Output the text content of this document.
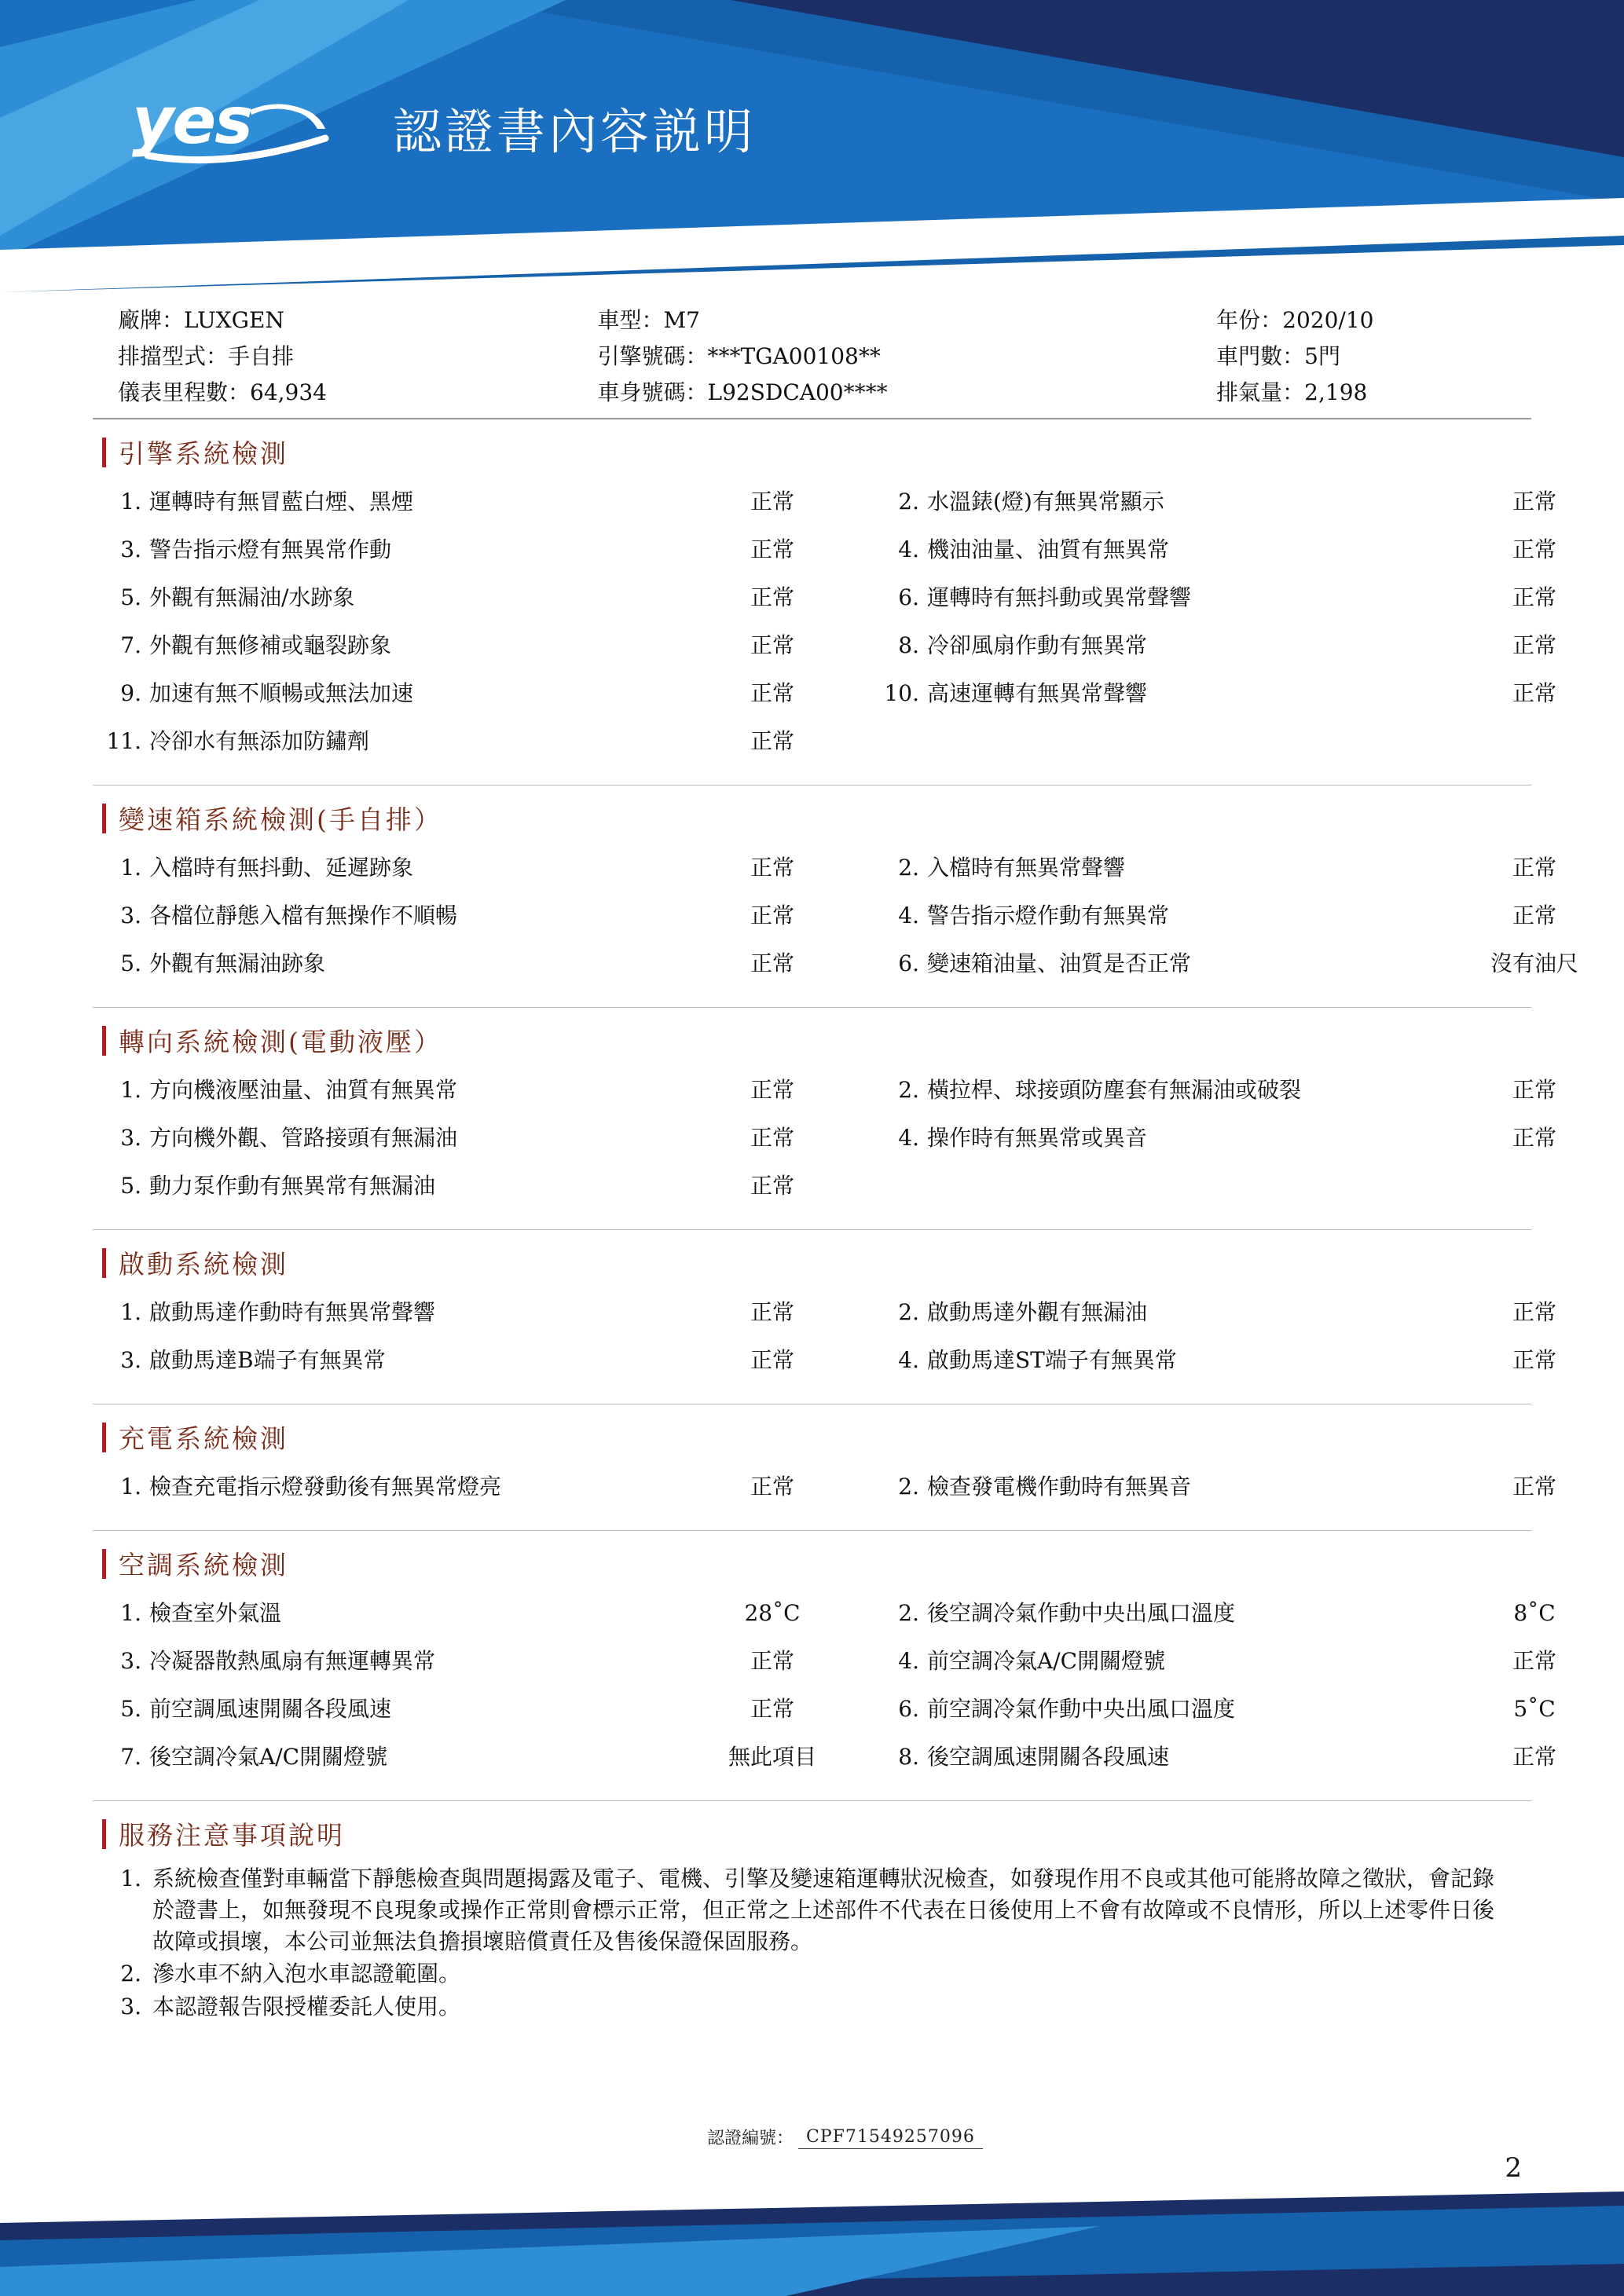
yes	認證書內容説明
廠牌：LUXGEN	車型：M7	年份：2020/10
排擋型式：手自排	引擎號碼：***TGA00108**	車門數：5門
儀表里程數：64,934	車身號碼：L92SDCA00****	排氣量：2,198
引擎系統檢測
1. 運轉時有無冒藍白煙、黑煙	正常	2. 水溫錶(燈)有無異常顯示	正常
3. 警告指示燈有無異常作動	正常	4. 機油油量、油質有無異常	正常
5. 外觀有無漏油/水跡象	正常	6. 運轉時有無抖動或異常聲響	正常
7. 外觀有無修補或龜裂跡象	正常	8. 冷卻風扇作動有無異常	正常
9. 加速有無不順暢或無法加速	正常	10. 高速運轉有無異常聲響	正常
11. 冷卻水有無添加防鏽劑	正常
變速箱系統檢測(手自排）
1. 入檔時有無抖動、延遲跡象	正常	2. 入檔時有無異常聲響	正常
3. 各檔位靜態入檔有無操作不順暢	正常	4. 警告指示燈作動有無異常	正常
5. 外觀有無漏油跡象	正常	6. 變速箱油量、油質是否正常	沒有油尺
轉向系統檢測(電動液壓）
1. 方向機液壓油量、油質有無異常	正常	2. 橫拉桿、球接頭防塵套有無漏油或破裂	正常
3. 方向機外觀、管路接頭有無漏油	正常	4. 操作時有無異常或異音	正常
5. 動力泵作動有無異常有無漏油	正常
啟動系統檢測
1. 啟動馬達作動時有無異常聲響	正常	2. 啟動馬達外觀有無漏油	正常
3. 啟動馬達B端子有無異常	正常	4. 啟動馬達ST端子有無異常	正常
充電系統檢測
1. 檢查充電指示燈發動後有無異常燈亮	正常	2. 檢查發電機作動時有無異音	正常
空調系統檢測
1. 檢查室外氣溫	28˚C	2. 後空調冷氣作動中央出風口溫度	8˚C
3. 冷凝器散熱風扇有無運轉異常	正常	4. 前空調冷氣A/C開關燈號	正常
5. 前空調風速開關各段風速	正常	6. 前空調冷氣作動中央出風口溫度	5˚C
7. 後空調冷氣A/C開關燈號	無此項目	8. 後空調風速開關各段風速	正常
服務注意事項說明
1. 系統檢查僅對車輛當下靜態檢查與問題揭露及電子、電機、引擎及變速箱運轉狀況檢查，如發現作用不良或其他可能將故障之徵狀，會記錄於證書上，如無發現不良現象或操作正常則會標示正常，但正常之上述部件不代表在日後使用上不會有故障或不良情形，所以上述零件日後故障或損壞，本公司並無法負擔損壞賠償責任及售後保證保固服務。
2. 滲水車不納入泡水車認證範圍。
3. 本認證報告限授權委託人使用。
認證編號： CPF71549257096
2
